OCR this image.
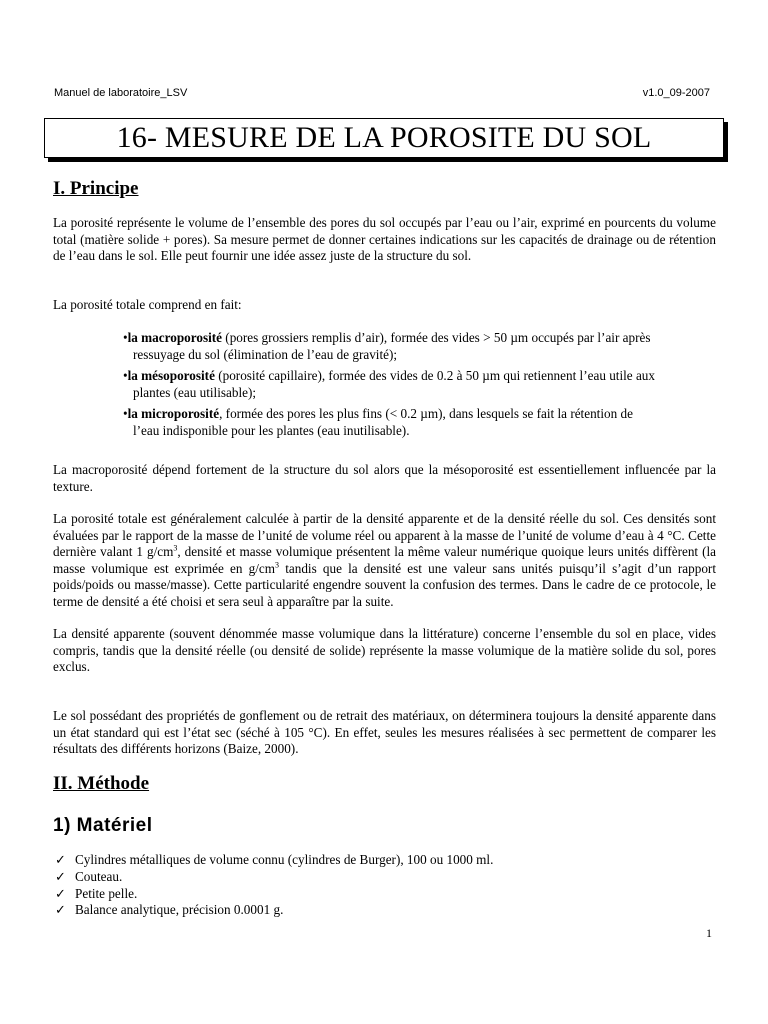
Manuel de laboratoire_LSV	v1.0_09-2007
16- MESURE DE LA POROSITE DU SOL
I. Principe
La porosité représente le volume de l’ensemble des pores du sol occupés par l’eau ou l’air, exprimé en pourcents du volume total (matière solide + pores). Sa mesure permet de donner certaines indications sur les capacités de drainage ou de rétention de l’eau dans le sol. Elle peut fournir une idée assez juste de la structure du sol.
La porosité totale comprend en fait:
•la macroporosité (pores grossiers remplis d’air), formée des vides > 50 µm occupés par l’air après
ressuyage du sol (élimination de l’eau de gravité);
•la mésoporosité (porosité capillaire), formée des vides de 0.2 à 50 µm qui retiennent l’eau utile aux
plantes (eau utilisable);
•la microporosité, formée des pores les plus fins (< 0.2 µm), dans lesquels se fait la rétention de
l’eau indisponible pour les plantes (eau inutilisable).
La macroporosité dépend fortement de la structure du sol alors que la mésoporosité est essentiellement influencée par la texture.
La porosité totale est généralement calculée à partir de la densité apparente et de la densité réelle du sol. Ces densités sont évaluées par le rapport de la masse de l’unité de volume réel ou apparent à la masse de l’unité de volume d’eau à 4 °C. Cette dernière valant 1 $g/cm^3$, densité et masse volumique présentent la même valeur numérique quoique leurs unités diffèrent (la masse volumique est exprimée en $g/cm^3$ tandis que la densité est une valeur sans unités puisqu’il s’agit d’un rapport poids/poids ou masse/masse). Cette particularité engendre souvent la confusion des termes. Dans le cadre de ce protocole, le terme de densité a été choisi et sera seul à apparaître par la suite.
La densité apparente (souvent dénommée masse volumique dans la littérature) concerne l’ensemble du sol en place, vides compris, tandis que la densité réelle (ou densité de solide) représente la masse volumique de la matière solide du sol, pores exclus.
Le sol possédant des propriétés de gonflement ou de retrait des matériaux, on déterminera toujours la densité apparente dans un état standard qui est l’état sec (séché à 105 °C). En effet, seules les mesures réalisées à sec permettent de comparer les résultats des différents horizons (Baize, 2000).
II. Méthode
1) Matériel
✓ Cylindres métalliques de volume connu (cylindres de Burger), 100 ou 1000 ml.
✓ Couteau.
✓ Petite pelle.
✓ Balance analytique, précision 0.0001 g.
1
